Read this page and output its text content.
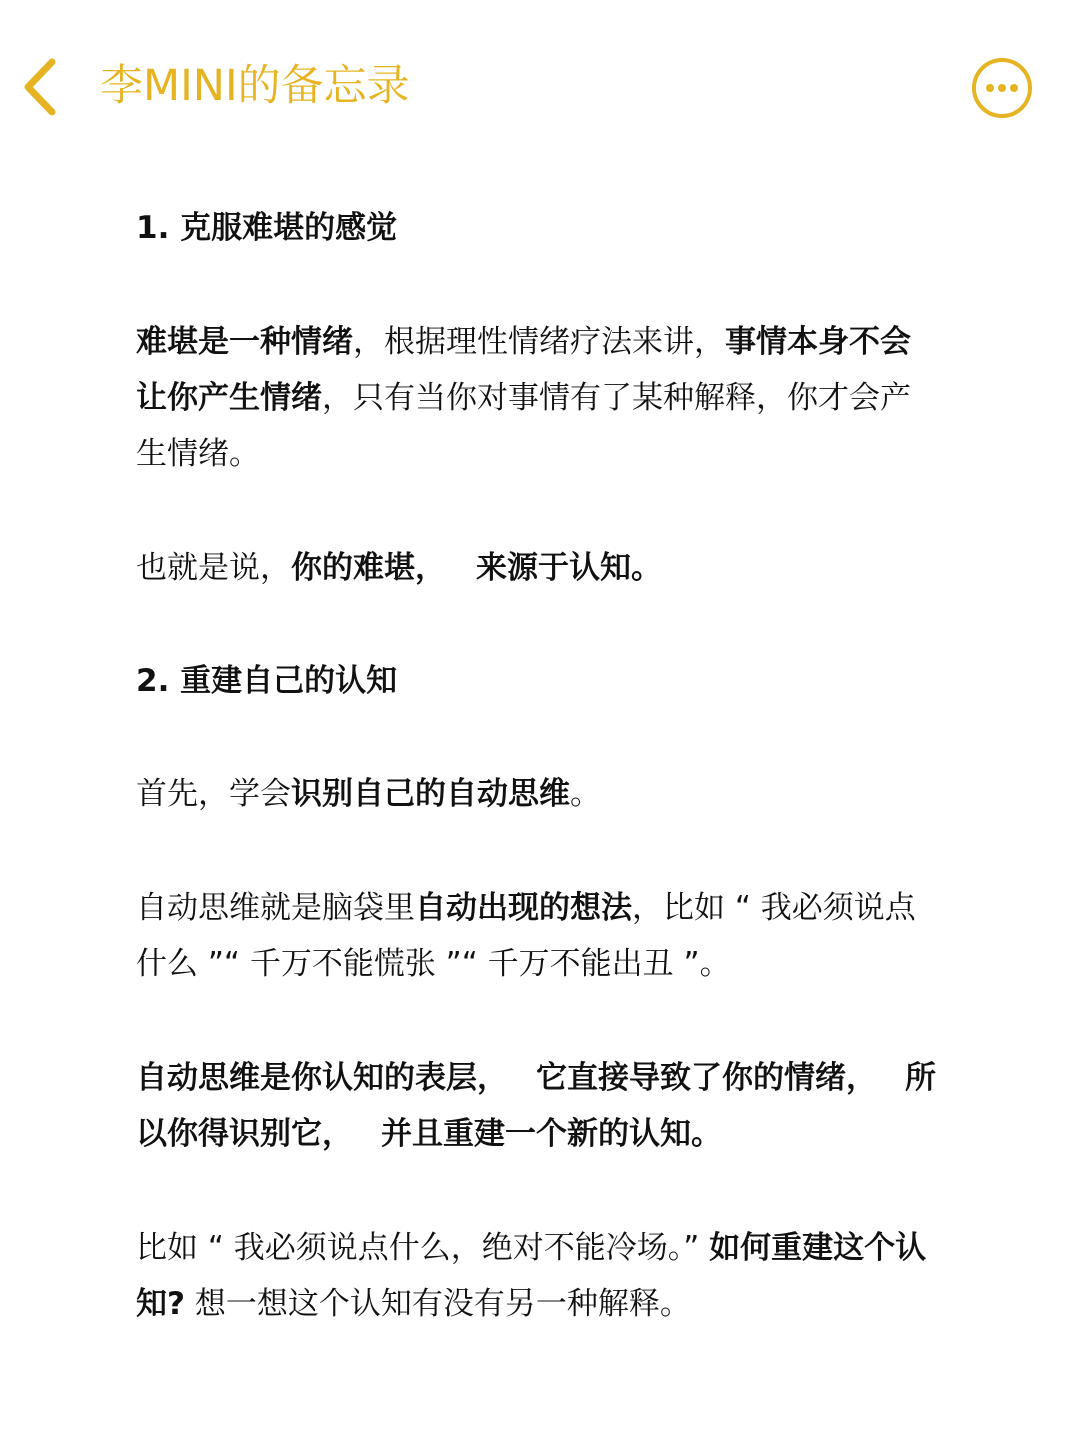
李MINI的备忘录
1. 克服难堪的感觉
难堪是一种情绪，根据理性情绪疗法来讲，事情本身不会
让你产生情绪，只有当你对事情有了某种解释，你才会产
生情绪。
也就是说，你的难堪， 来源于认知。
2. 重建自己的认知
首先，学会识别自己的自动思维。
自动思维就是脑袋里自动出现的想法，比如 “ 我必须说点
什么 ”“ 千万不能慌张 ”“ 千万不能出丑 ”。
自动思维是你认知的表层， 它直接导致了你的情绪， 所
以你得识别它， 并且重建一个新的认知。
比如 “ 我必须说点什么，绝对不能冷场。” 如何重建这个认
知? 想一想这个认知有没有另一种解释。
